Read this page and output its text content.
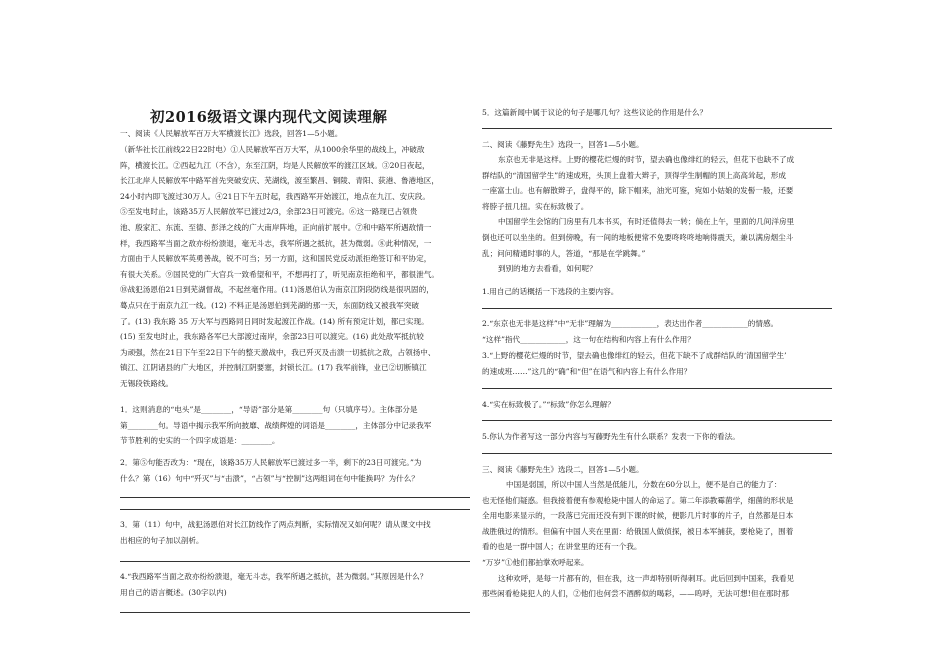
初2016级语文课内现代文阅读理解
一、阅读《人民解放军百万大军横渡长江》选段，回答1—5小题。
（新华社长江前线22日22时电）①人民解放军百万大军，从1000余华里的战线上，冲破敌
阵，横渡长江。②西起九江（不含），东至江阴，均是人民解放军的渡江区域。③20日夜起，
长江北岸人民解放军中路军首先突破安庆、芜湖线，渡至繁昌、铜陵、青阳、荻港、鲁港地区，
24小时内即飞渡过30万人。④21日下午五时起，我西路军开始渡江，地点在九江、安庆段。
⑤至发电时止，该路35万人民解放军已渡过2/3，余部23日可渡完。⑥这一路现已占领贵
池、殷家汇、东流、至德、彭泽之线的广大南岸阵地，正向前扩展中。⑦和中路军所遇敌情一
样，我西路军当面之敌亦纷纷溃退，毫无斗志，我军所遇之抵抗，甚为微弱。⑧此种情况，一
方面由于人民解放军英勇善战，锐不可当；另一方面，这和国民党反动派拒绝签订和平协定，
有很大关系。⑨国民党的广大官兵一致希望和平，不想再打了，听见南京拒绝和平，都很泄气。
⑩战犯汤恩伯21日到芜湖督战，不起丝毫作用。(11)汤恩伯认为南京江阴段防线是很巩固的，
蓦点只在于南京九江一线。(12) 不料正是汤恩伯到芜湖的那一天，东面防线又被我军突破
了。(13) 我东路 35 万大军与西路同日同时发起渡江作战。(14) 所有预定计划，都已实现。
(15) 至发电时止，我东路各军已大部渡过南岸，余部23日可以渡完。(16) 此处敌军抵抗较
为顽强，然在21日下午至22日下午的整天激战中，我已歼灭及击溃一切抵抗之敌，占领扬中、
镇江、江阴诸县的广大地区，并控制江阴要塞，封锁长江。(17) 我军前锋，业已②切断镇江
无锡段铁路线。
1．这则消息的“电头”是________，“导语”部分是第________句（只填序号）。主体部分是
第________句。导语中揭示我军所向披靡、战绩辉煌的词语是________，主体部分中记录我军
节节胜利的史实的一个四字成语是：________。
2．第⑤句能否改为：“现在，该路35万人民解放军已渡过多一半，剩下的23日可渡完。”为
什么？第（16）句中“歼灭”与“击溃”，“占领”与“控制”这两组词在句中能换吗？为什么？
3．第（11）句中，战犯汤恩伯对长江防线作了两点判断，实际情况又如何呢？请从课文中找
出相应的句子加以剖析。
4.“我西路军当面之敌亦纷纷溃退，毫无斗志，我军所遇之抵抗，甚为微弱。”其原因是什么？
用自己的语言概述。(30字以内)
5．这篇新闻中属于议论的句子是哪几句？这些议论的作用是什么？
二、阅读《藤野先生》选段一，回答1—5小题。
东京也无非是这样。上野的樱花烂熳的时节，望去确也像绯红的轻云，但花下也缺不了成
群结队的“清国留学生”的速成班，头顶上盘着大辫子，顶得学生制帽的顶上高高耸起，形成
一座富士山。也有解散辫子，盘得平的，除下帽来，油光可鉴，宛如小姑娘的发髻一般，还要
将脖子扭几扭。实在标致极了。
中国留学生会馆的门房里有几本书买，有时还值得去一转；倘在上午，里面的几间洋房里
倒也还可以坐坐的。但到傍晚，有一间的地板便常不免要咚咚咚地响得震天，兼以满房烟尘斗
乱；问问精通时事的人，答道，“那是在学跳舞。”
到别的地方去看看，如何呢？
1.用自己的话概括一下选段的主要内容。
2.“东京也无非是这样”中“无非”理解为____________，表达出作者____________的情感。
“这样”指代____________，这一句在结构和内容上有什么作用？
3.“上野的樱花烂熳的时节，望去确也像绯红的轻云，但花下缺不了成群结队的‘清国留学生’
的速成班……”这几的“确”和“但”在语气和内容上有什么作用？
4.“实在标致极了。”“标致”你怎么理解？
5.你认为作者写这一部分内容与写藤野先生有什么联系？发表一下你的看法。
三、阅读《藤野先生》选段二，回答1—5小题。
中国是弱国，所以中国人当然是低能儿，分数在60分以上，便不是自己的能力了：
也无怪他们疑惑。但我接着便有参观枪毙中国人的命运了。第二年添教霉菌学，细菌的形状是
全用电影来显示的，一段落已完而还没有到下课的时候，便影几片时事的片子，自然都是日本
战胜俄过的情形。但偏有中国人夹在里面：给俄国人做侦探，被日本军捕获，要枪毙了，围着
看的也是一群中国人；在讲堂里的还有一个我。
“万岁”①他们都拍掌欢呼起来。
这种欢呼，是每一片都有的，但在我，这一声却特别听得刺耳。此后回到中国来，我看见
那些闲看枪毙犯人的人们，②他们也何尝不酒醉似的喝彩，——呜呼，无法可想!但在那时那
